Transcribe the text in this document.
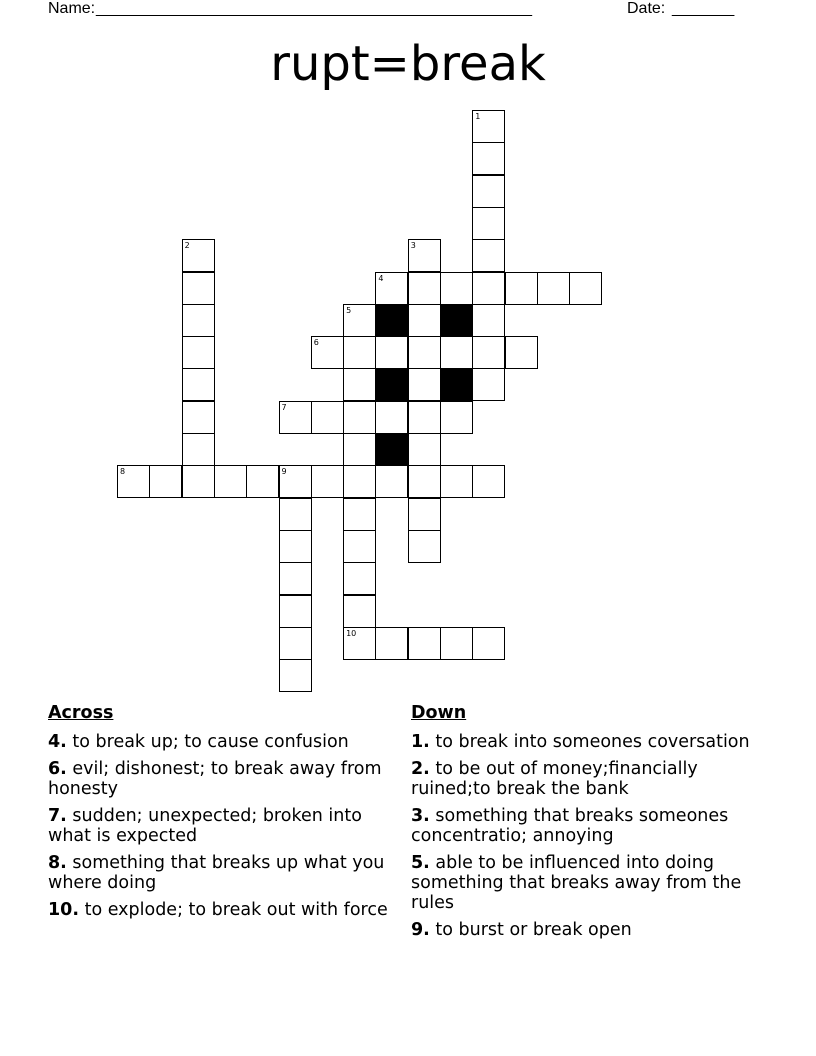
Name: _________________________________________________	Date: _______
rupt=break
1
2	3
4
5
6
7
8	9
10
Across
4. to break up; to cause confusion
6. evil; dishonest; to break away from honesty
7. sudden; unexpected; broken into what is expected
8. something that breaks up what you where doing
10. to explode; to break out with force
Down
1. to break into someones coversation
2. to be out of money;financially ruined;to break the bank
3. something that breaks someones concentratio; annoying
5. able to be influenced into doing something that breaks away from the rules
9. to burst or break open
